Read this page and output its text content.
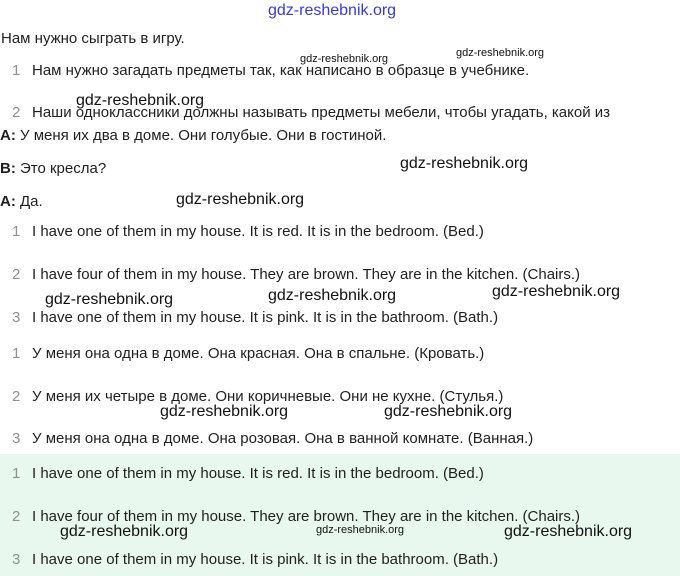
gdz-reshebnik.org
Нам нужно сыграть в игру.
1 Нам нужно загадать предметы так, как написано в образце в учебнике.
2 Наши одноклассники должны называть предметы мебели, чтобы угадать, какой из
A: У меня их два в доме. Они голубые. Они в гостиной.
B: Это кресла?
A: Да.
1 I have one of them in my house. It is red. It is in the bedroom. (Bed.)
2 I have four of them in my house. They are brown. They are in the kitchen. (Chairs.)
3 I have one of them in my house. It is pink. It is in the bathroom. (Bath.)
1 У меня она одна в доме. Она красная. Она в спальне. (Кровать.)
2 У меня их четыре в доме. Они коричневые. Они не кухне. (Стулья.)
3 У меня она одна в доме. Она розовая. Она в ванной комнате. (Ванная.)
1 I have one of them in my house. It is red. It is in the bedroom. (Bed.)
2 I have four of them in my house. They are brown. They are in the kitchen. (Chairs.)
3 I have one of them in my house. It is pink. It is in the bathroom. (Bath.)
gdz-reshebnik.org	gdz-reshebnik.org
gdz-reshebnik.org
gdz-reshebnik.org
gdz-reshebnik.org
gdz-reshebnik.org	gdz-reshebnik.org	gdz-reshebnik.org
gdz-reshebnik.org	gdz-reshebnik.org
gdz-reshebnik.org	gdz-reshebnik.org	gdz-reshebnik.org
